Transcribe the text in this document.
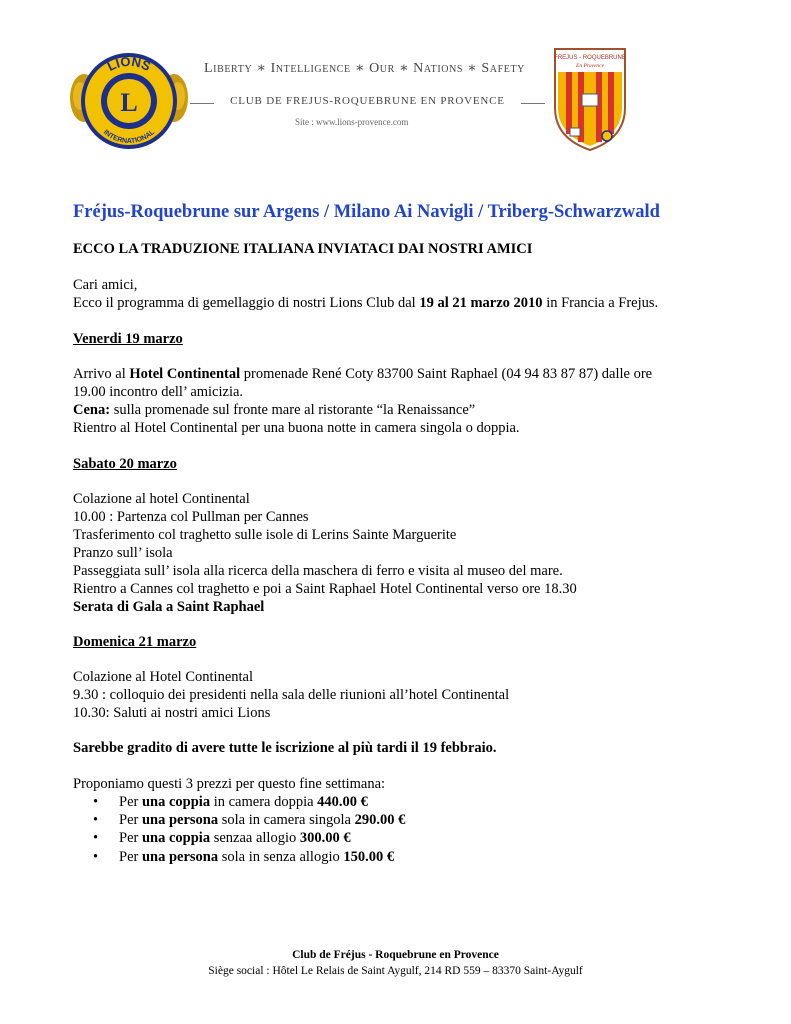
LIONS
INTERNATIONAL
L
Liberty ∗ Intelligence ∗ Our ∗ Nations ∗ Safety
CLUB DE FREJUS-ROQUEBRUNE EN PROVENCE
Site : www.lions-provence.com
FREJUS - ROQUEBRUNE
En Provence
Fréjus-Roquebrune sur Argens / Milano Ai Navigli / Triberg-Schwarzwald
ECCO LA TRADUZIONE ITALIANA INVIATACI DAI NOSTRI AMICI
Cari amici,
Ecco il programma di gemellaggio di nostri Lions Club dal 19 al 21 marzo 2010 in Francia a Frejus.
Venerdi 19 marzo
Arrivo al Hotel Continental promenade René Coty 83700 Saint Raphael (04 94 83 87 87) dalle ore
19.00 incontro dell’ amicizia.
Cena: sulla promenade sul fronte mare al ristorante “la Renaissance”
Rientro al Hotel Continental per una buona notte in camera singola o doppia.
Sabato 20 marzo
Colazione al hotel Continental
10.00 : Partenza col Pullman per Cannes
Trasferimento col traghetto sulle isole di Lerins Sainte Marguerite
Pranzo sull’ isola
Passeggiata sull’ isola alla ricerca della maschera di ferro e visita al museo del mare.
Rientro a Cannes col traghetto e poi a Saint Raphael Hotel Continental verso ore 18.30
Serata di Gala a Saint Raphael
Domenica 21 marzo
Colazione al Hotel Continental
9.30 : colloquio dei presidenti nella sala delle riunioni all’hotel Continental
10.30: Saluti ai nostri amici Lions
Sarebbe gradito di avere tutte le iscrizione al più tardi il 19 febbraio.
Proponiamo questi 3 prezzi per questo fine settimana:
• Per una coppia in camera doppia 440.00 €
• Per una persona sola in camera singola 290.00 €
• Per una coppia senzaa allogio 300.00 €
• Per una persona sola in senza allogio 150.00 €
Club de Fréjus - Roquebrune en Provence
Siège social : Hôtel Le Relais de Saint Aygulf, 214 RD 559 – 83370 Saint-Aygulf
